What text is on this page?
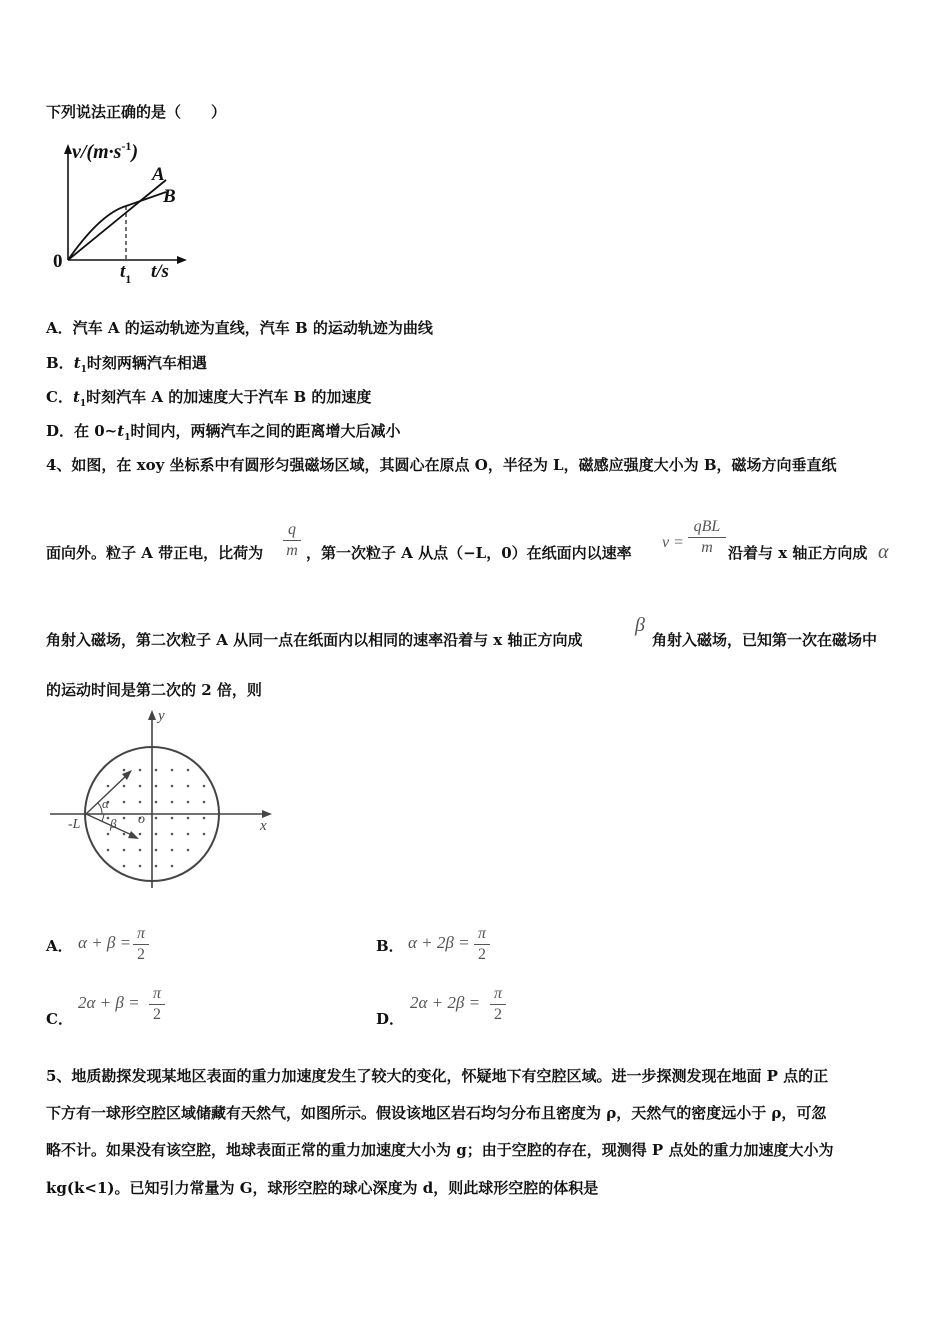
下列说法正确的是（　　）
$v/(m\cdot s^{-1})$
A
B
0	$t_1$ t/s
A．汽车 A 的运动轨迹为直线，汽车 B 的运动轨迹为曲线
B．$t_1$时刻两辆汽车相遇
C．$t_1$时刻汽车 A 的加速度大于汽车 B 的加速度
D．在 $0\sim t_1$时间内，两辆汽车之间的距离增大后减小
4、如图，在 xoy 坐标系中有圆形匀强磁场区域，其圆心在原点 O，半径为 L，磁感应强度大小为 B，磁场方向垂直纸
面向外。粒子 A 带正电，比荷为
q
m ，第一次粒子 A 从点（−L，0）在纸面内以速率
v =
qBL
m	沿着与 x 轴正方向成 α
角射入磁场，第二次粒子 A 从同一点在纸面内以相同的速率沿着与 x 轴正方向成
β
角射入磁场，已知第一次在磁场中
的运动时间是第二次的 2 倍，则
y
x
o
-L
α
β
A． α + β = π
2	B． α + 2β = π
2
C．
2α + β = π
2	D．
2α + 2β = π
2
5、地质勘探发现某地区表面的重力加速度发生了较大的变化，怀疑地下有空腔区域。进一步探测发现在地面 P 点的正
下方有一球形空腔区域储藏有天然气，如图所示。假设该地区岩石均匀分布且密度为 ρ，天然气的密度远小于 ρ，可忽
略不计。如果没有该空腔，地球表面正常的重力加速度大小为 g；由于空腔的存在，现测得 P 点处的重力加速度大小为
kg(k<1)。已知引力常量为 G，球形空腔的球心深度为 d，则此球形空腔的体积是
